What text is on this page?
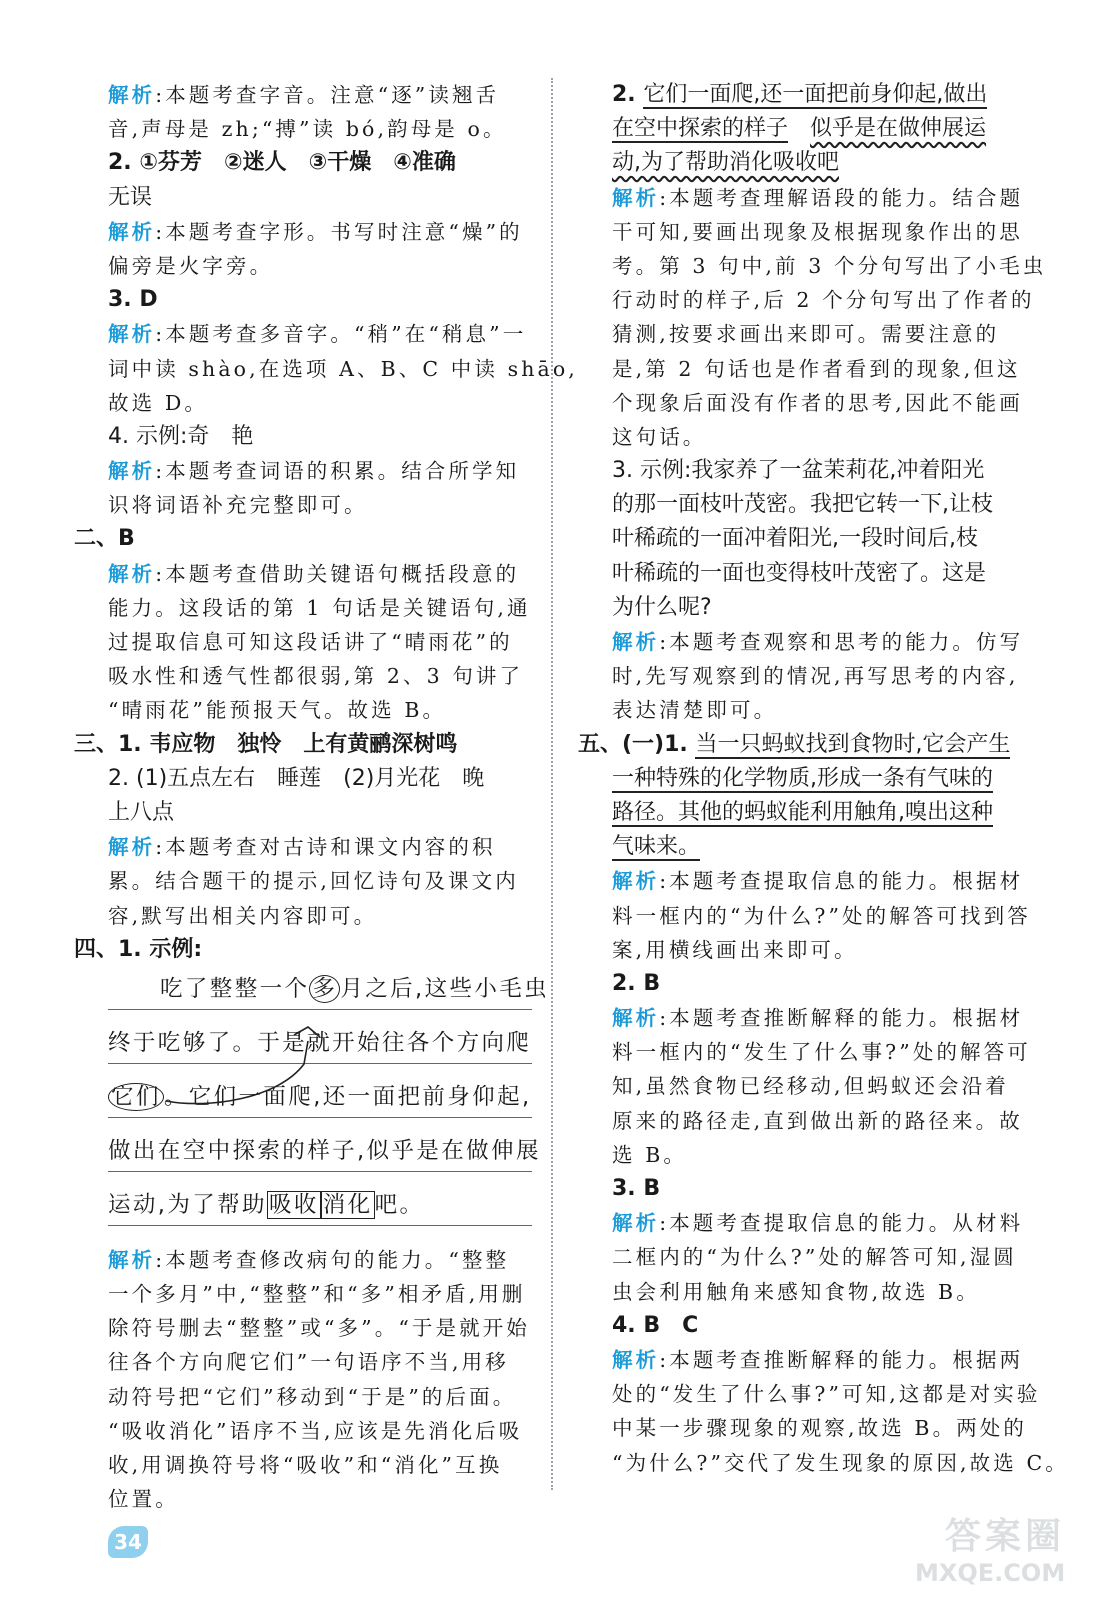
解析:本题考查字音。注意“逐”读翘舌
音,声母是 zh;“搏”读 bó,韵母是 o。
2. ①芬芳　②迷人　③干燥　④准确
无误
解析:本题考查字形。书写时注意“燥”的
偏旁是火字旁。
3. D
解析:本题考查多音字。“稍”在“稍息”一
词中读 shào,在选项 A、B、C 中读 shāo,
故选 D。
4. 示例:奇　艳
解析:本题考查词语的积累。结合所学知
识将词语补充完整即可。
二、B
解析:本题考查借助关键语句概括段意的
能力。这段话的第 1 句话是关键语句,通
过提取信息可知这段话讲了“晴雨花”的
吸水性和透气性都很弱,第 2、3 句讲了
“晴雨花”能预报天气。故选 B。
三、1. 韦应物　独怜　上有黄鹂深树鸣
2. (1)五点左右　睡莲　(2)月光花　晚
上八点
解析:本题考查对古诗和课文内容的积
累。结合题干的提示,回忆诗句及课文内
容,默写出相关内容即可。
四、1. 示例:
吃了整整一个 多 月之后,这些小毛虫
终于吃够了。于是就开始往各个方向爬
它们 。它们一面爬,还一面把前身仰起,
做出在空中探索的样子,似乎是在做伸展
运动,为了帮助吸收 消化吧。
解析:本题考查修改病句的能力。“整整
一个多月”中,“整整”和“多”相矛盾,用删
除符号删去“整整”或“多”。“于是就开始
往各个方向爬它们”一句语序不当,用移
动符号把“它们”移动到“于是”的后面。
“吸收消化”语序不当,应该是先消化后吸
收,用调换符号将“吸收”和“消化”互换
位置。
2. 它们一面爬,还一面把前身仰起,做出
在空中探索的样子　 似乎是在做伸展运
动,为了帮助消化吸收吧
解析:本题考查理解语段的能力。结合题
干可知,要画出现象及根据现象作出的思
考。第 3 句中,前 3 个分句写出了小毛虫
行动时的样子,后 2 个分句写出了作者的
猜测,按要求画出来即可。需要注意的
是,第 2 句话也是作者看到的现象,但这
个现象后面没有作者的思考,因此不能画
这句话。
3. 示例:我家养了一盆茉莉花,冲着阳光
的那一面枝叶茂密。我把它转一下,让枝
叶稀疏的一面冲着阳光,一段时间后,枝
叶稀疏的一面也变得枝叶茂密了。这是
为什么呢?
解析:本题考查观察和思考的能力。仿写
时,先写观察到的情况,再写思考的内容,
表达清楚即可。
五、(一)1. 当一只蚂蚁找到食物时,它会产生
一种特殊的化学物质,形成一条有气味的
路径。其他的蚂蚁能利用触角,嗅出这种
气味来。
解析:本题考查提取信息的能力。根据材
料一框内的“为什么?”处的解答可找到答
案,用横线画出来即可。
2. B
解析:本题考查推断解释的能力。根据材
料一框内的“发生了什么事?”处的解答可
知,虽然食物已经移动,但蚂蚁还会沿着
原来的路径走,直到做出新的路径来。故
选 B。
3. B
解析:本题考查提取信息的能力。从材料
二框内的“为什么?”处的解答可知,湿圆
虫会利用触角来感知食物,故选 B。
4. B　C
解析:本题考查推断解释的能力。根据两
处的“发生了什么事?”可知,这都是对实验
中某一步骤现象的观察,故选 B。两处的
“为什么?”交代了发生现象的原因,故选 C。
34	答案圈
MXQE.COM
